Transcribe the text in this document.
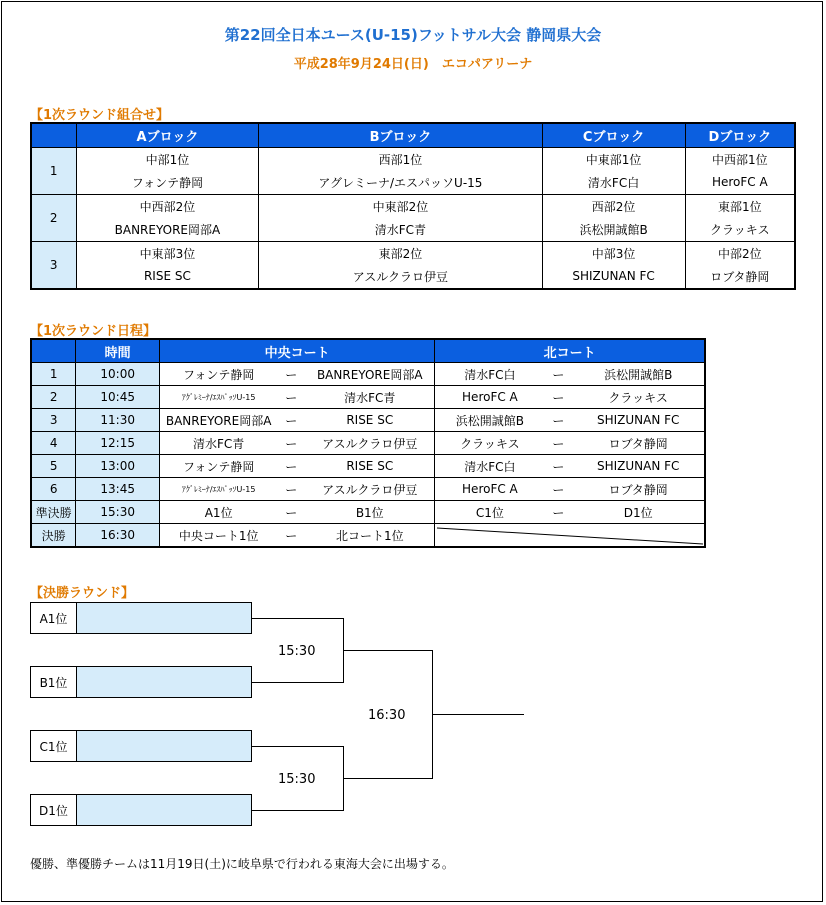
第22回全日本ユース(U-15)フットサル大会 静岡県大会
平成28年9月24日(日)　エコパアリーナ
【1次ラウンド組合せ】
	Aブロック	Bブロック	Cブロック	Dブロック
1	中部1位	西部1位	中東部1位	中西部1位
	フォンテ静岡	アグレミーナ/エスパッソU-15	清水FC白	HeroFC A
2	中西部2位	中東部2位	西部2位	東部1位
	BANREYORE岡部A	清水FC青	浜松開誠館B	クラッキス
3	中東部3位	東部2位	中部3位	中部2位
	RISE SC	アスルクラロ伊豆	SHIZUNAN FC	ロブタ静岡
【1次ラウンド日程】
	時間	中央コート			北コート		
1	10:00	フォンテ静岡	ー	BANREYORE岡部A	清水FC白	ー	浜松開誠館B
2	10:45	ｱｸﾞﾚﾐｰﾅ/ｴｽﾊﾟｯｿU-15	ー	清水FC青	HeroFC A	ー	クラッキス
3	11:30	BANREYORE岡部A	ー	RISE SC	浜松開誠館B	ー	SHIZUNAN FC
4	12:15	清水FC青	ー	アスルクラロ伊豆	クラッキス	ー	ロブタ静岡
5	13:00	フォンテ静岡	ー	RISE SC	清水FC白	ー	SHIZUNAN FC
6	13:45	ｱｸﾞﾚﾐｰﾅ/ｴｽﾊﾟｯｿU-15	ー	アスルクラロ伊豆	HeroFC A	ー	ロブタ静岡
準決勝	15:30	A1位	ー	B1位	C1位	ー	D1位
決勝	16:30	中央コート1位	ー	北コート1位	
【決勝ラウンド】
A1位
B1位
C1位
D1位
15:30
15:30
16:30
優勝、準優勝チームは11月19日(土)に岐阜県で行われる東海大会に出場する。
